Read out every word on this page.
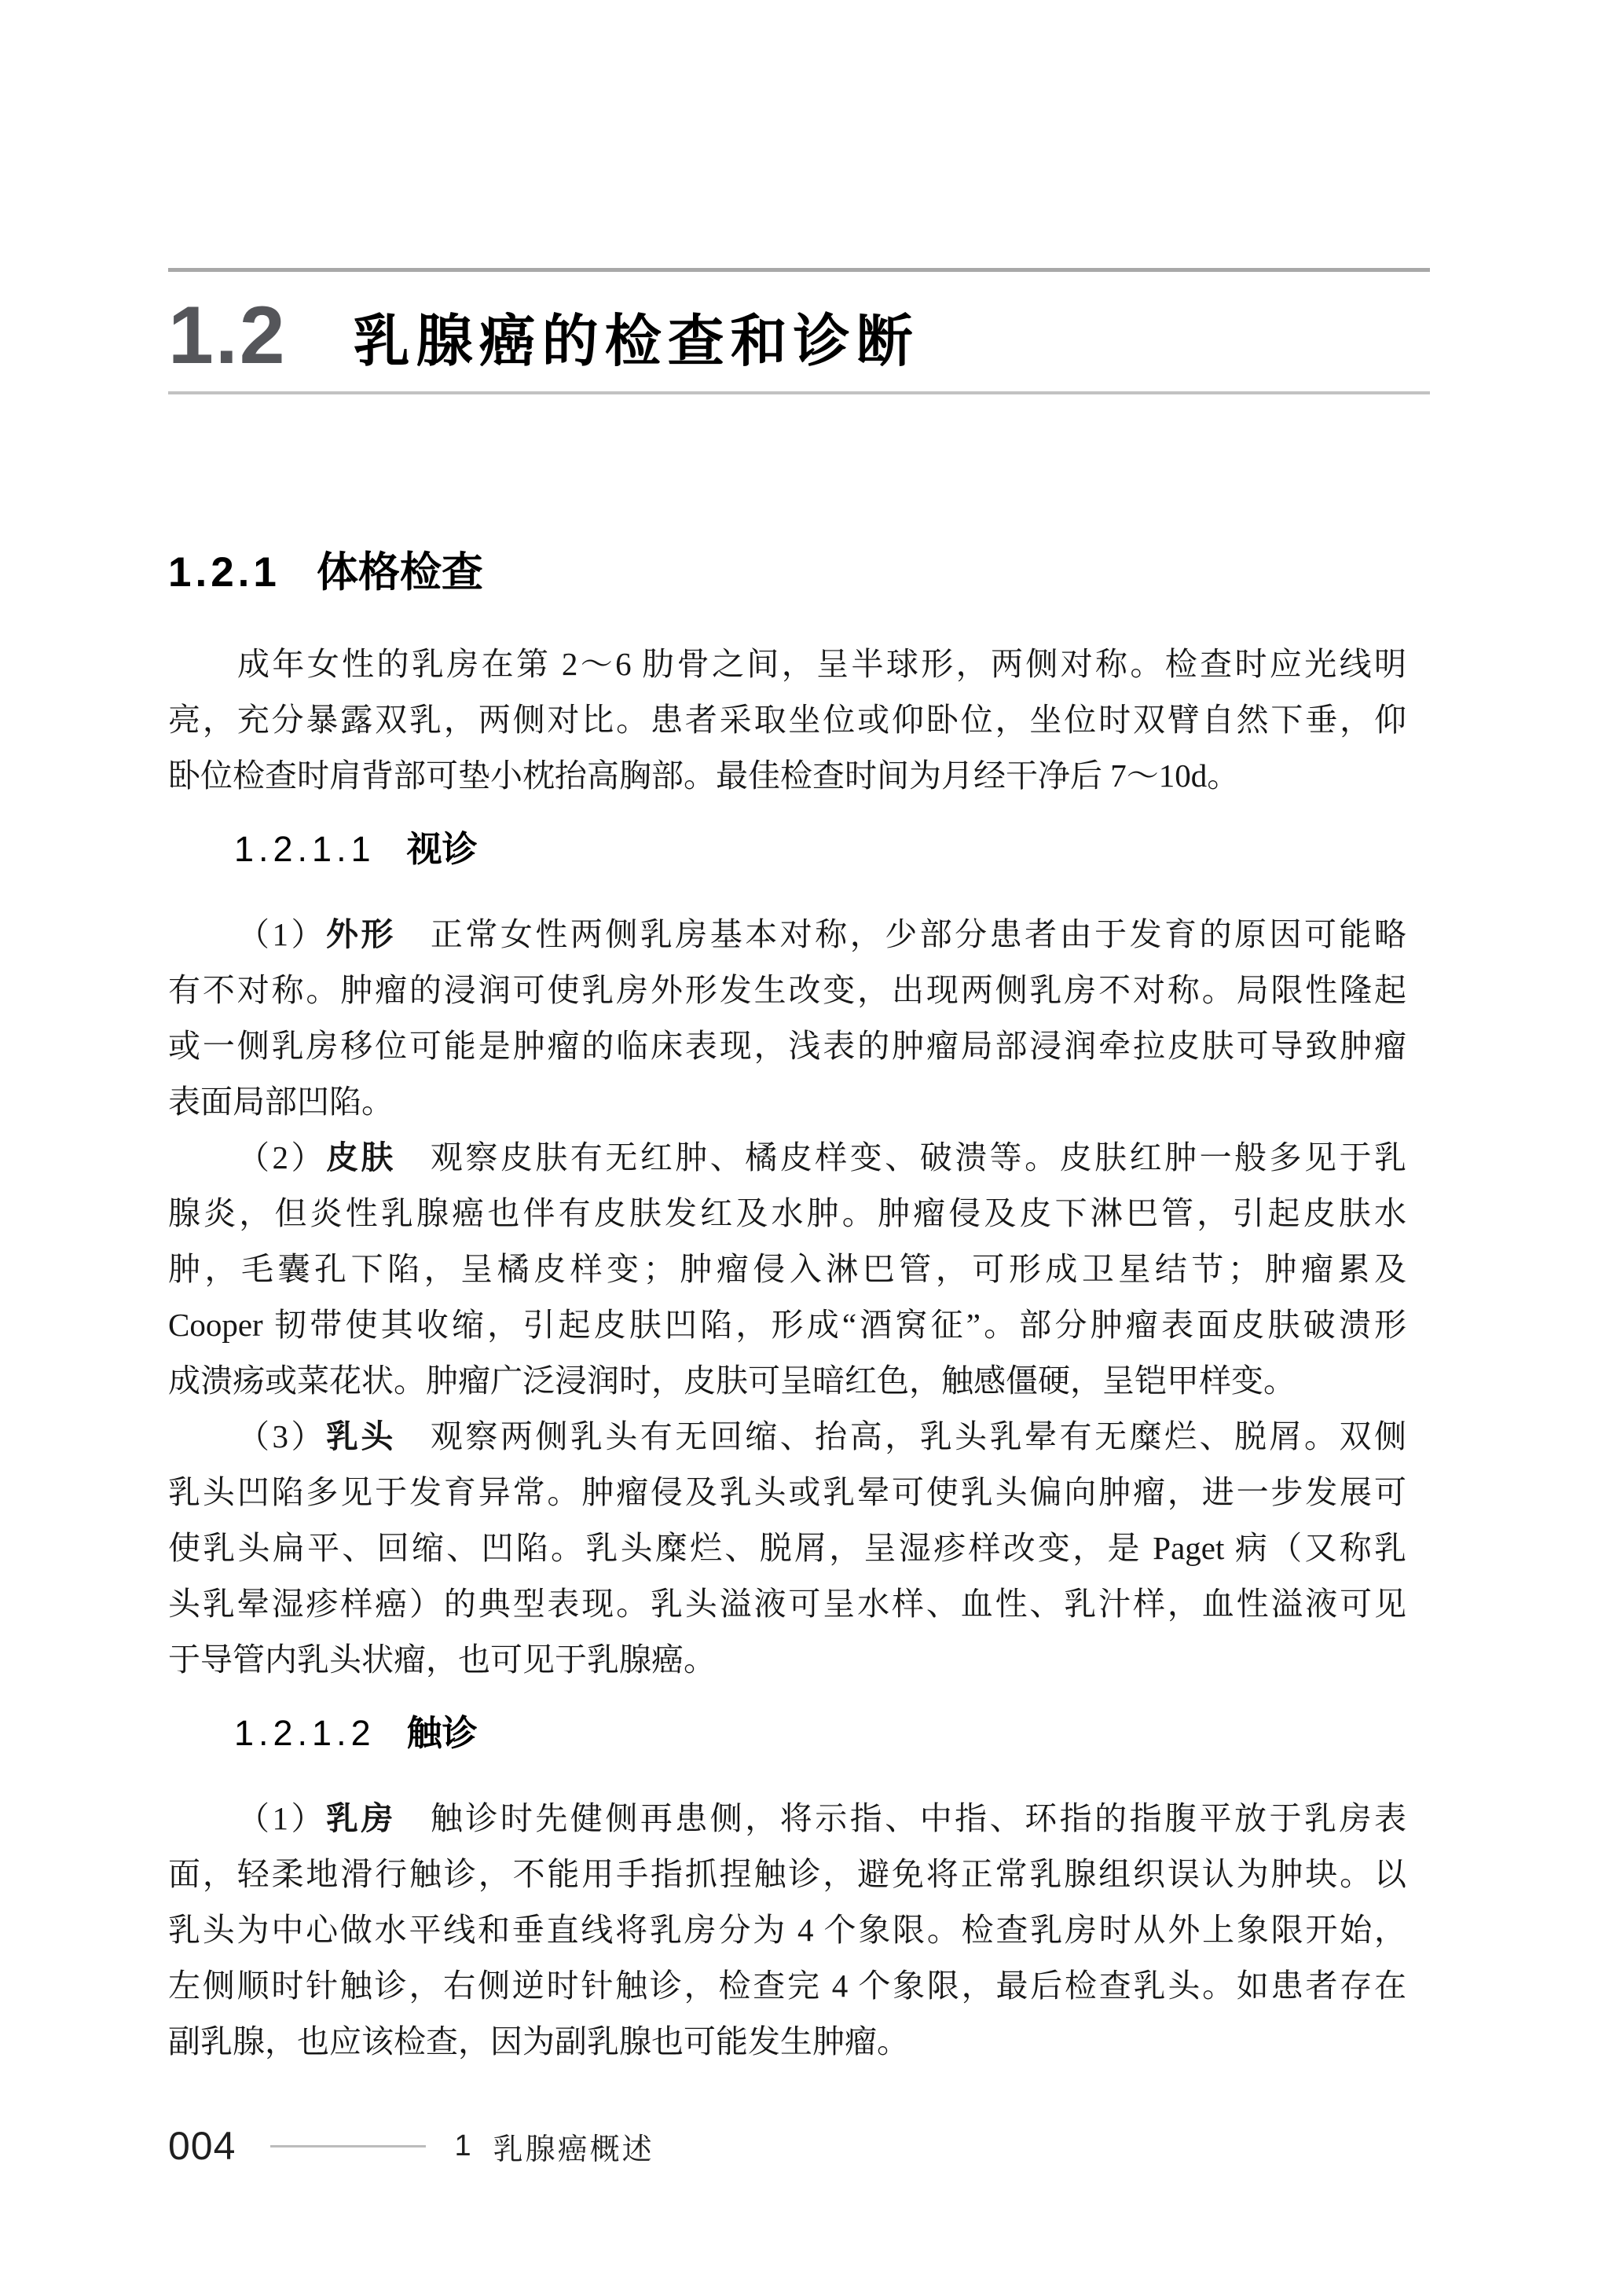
1.2 乳腺癌的检查和诊断
1.2.1 体格检查
成年女性的乳房在第 2～6 肋骨之间，呈半球形，两侧对称。检查时应光线明
亮，充分暴露双乳，两侧对比。患者采取坐位或仰卧位，坐位时双臂自然下垂，仰
卧位检查时肩背部可垫小枕抬高胸部。最佳检查时间为月经干净后 7～10d。
1.2.1.1 视诊
（1）外形 正常女性两侧乳房基本对称，少部分患者由于发育的原因可能略
有不对称。肿瘤的浸润可使乳房外形发生改变，出现两侧乳房不对称。局限性隆起
或一侧乳房移位可能是肿瘤的临床表现，浅表的肿瘤局部浸润牵拉皮肤可导致肿瘤
表面局部凹陷。
（2）皮肤 观察皮肤有无红肿、橘皮样变、破溃等。皮肤红肿一般多见于乳
腺炎，但炎性乳腺癌也伴有皮肤发红及水肿。肿瘤侵及皮下淋巴管，引起皮肤水
肿，毛囊孔下陷，呈橘皮样变；肿瘤侵入淋巴管，可形成卫星结节；肿瘤累及
Cooper 韧带使其收缩，引起皮肤凹陷，形成“酒窝征”。部分肿瘤表面皮肤破溃形
成溃疡或菜花状。肿瘤广泛浸润时，皮肤可呈暗红色，触感僵硬，呈铠甲样变。
（3）乳头 观察两侧乳头有无回缩、抬高，乳头乳晕有无糜烂、脱屑。双侧
乳头凹陷多见于发育异常。肿瘤侵及乳头或乳晕可使乳头偏向肿瘤，进一步发展可
使乳头扁平、回缩、凹陷。乳头糜烂、脱屑，呈湿疹样改变，是 Paget 病（又称乳
头乳晕湿疹样癌）的典型表现。乳头溢液可呈水样、血性、乳汁样，血性溢液可见
于导管内乳头状瘤，也可见于乳腺癌。
1.2.1.2 触诊
（1）乳房 触诊时先健侧再患侧，将示指、中指、环指的指腹平放于乳房表
面，轻柔地滑行触诊，不能用手指抓捏触诊，避免将正常乳腺组织误认为肿块。以
乳头为中心做水平线和垂直线将乳房分为 4 个象限。检查乳房时从外上象限开始，
左侧顺时针触诊，右侧逆时针触诊，检查完 4 个象限，最后检查乳头。如患者存在
副乳腺，也应该检查，因为副乳腺也可能发生肿瘤。
004	1 乳腺癌概述
